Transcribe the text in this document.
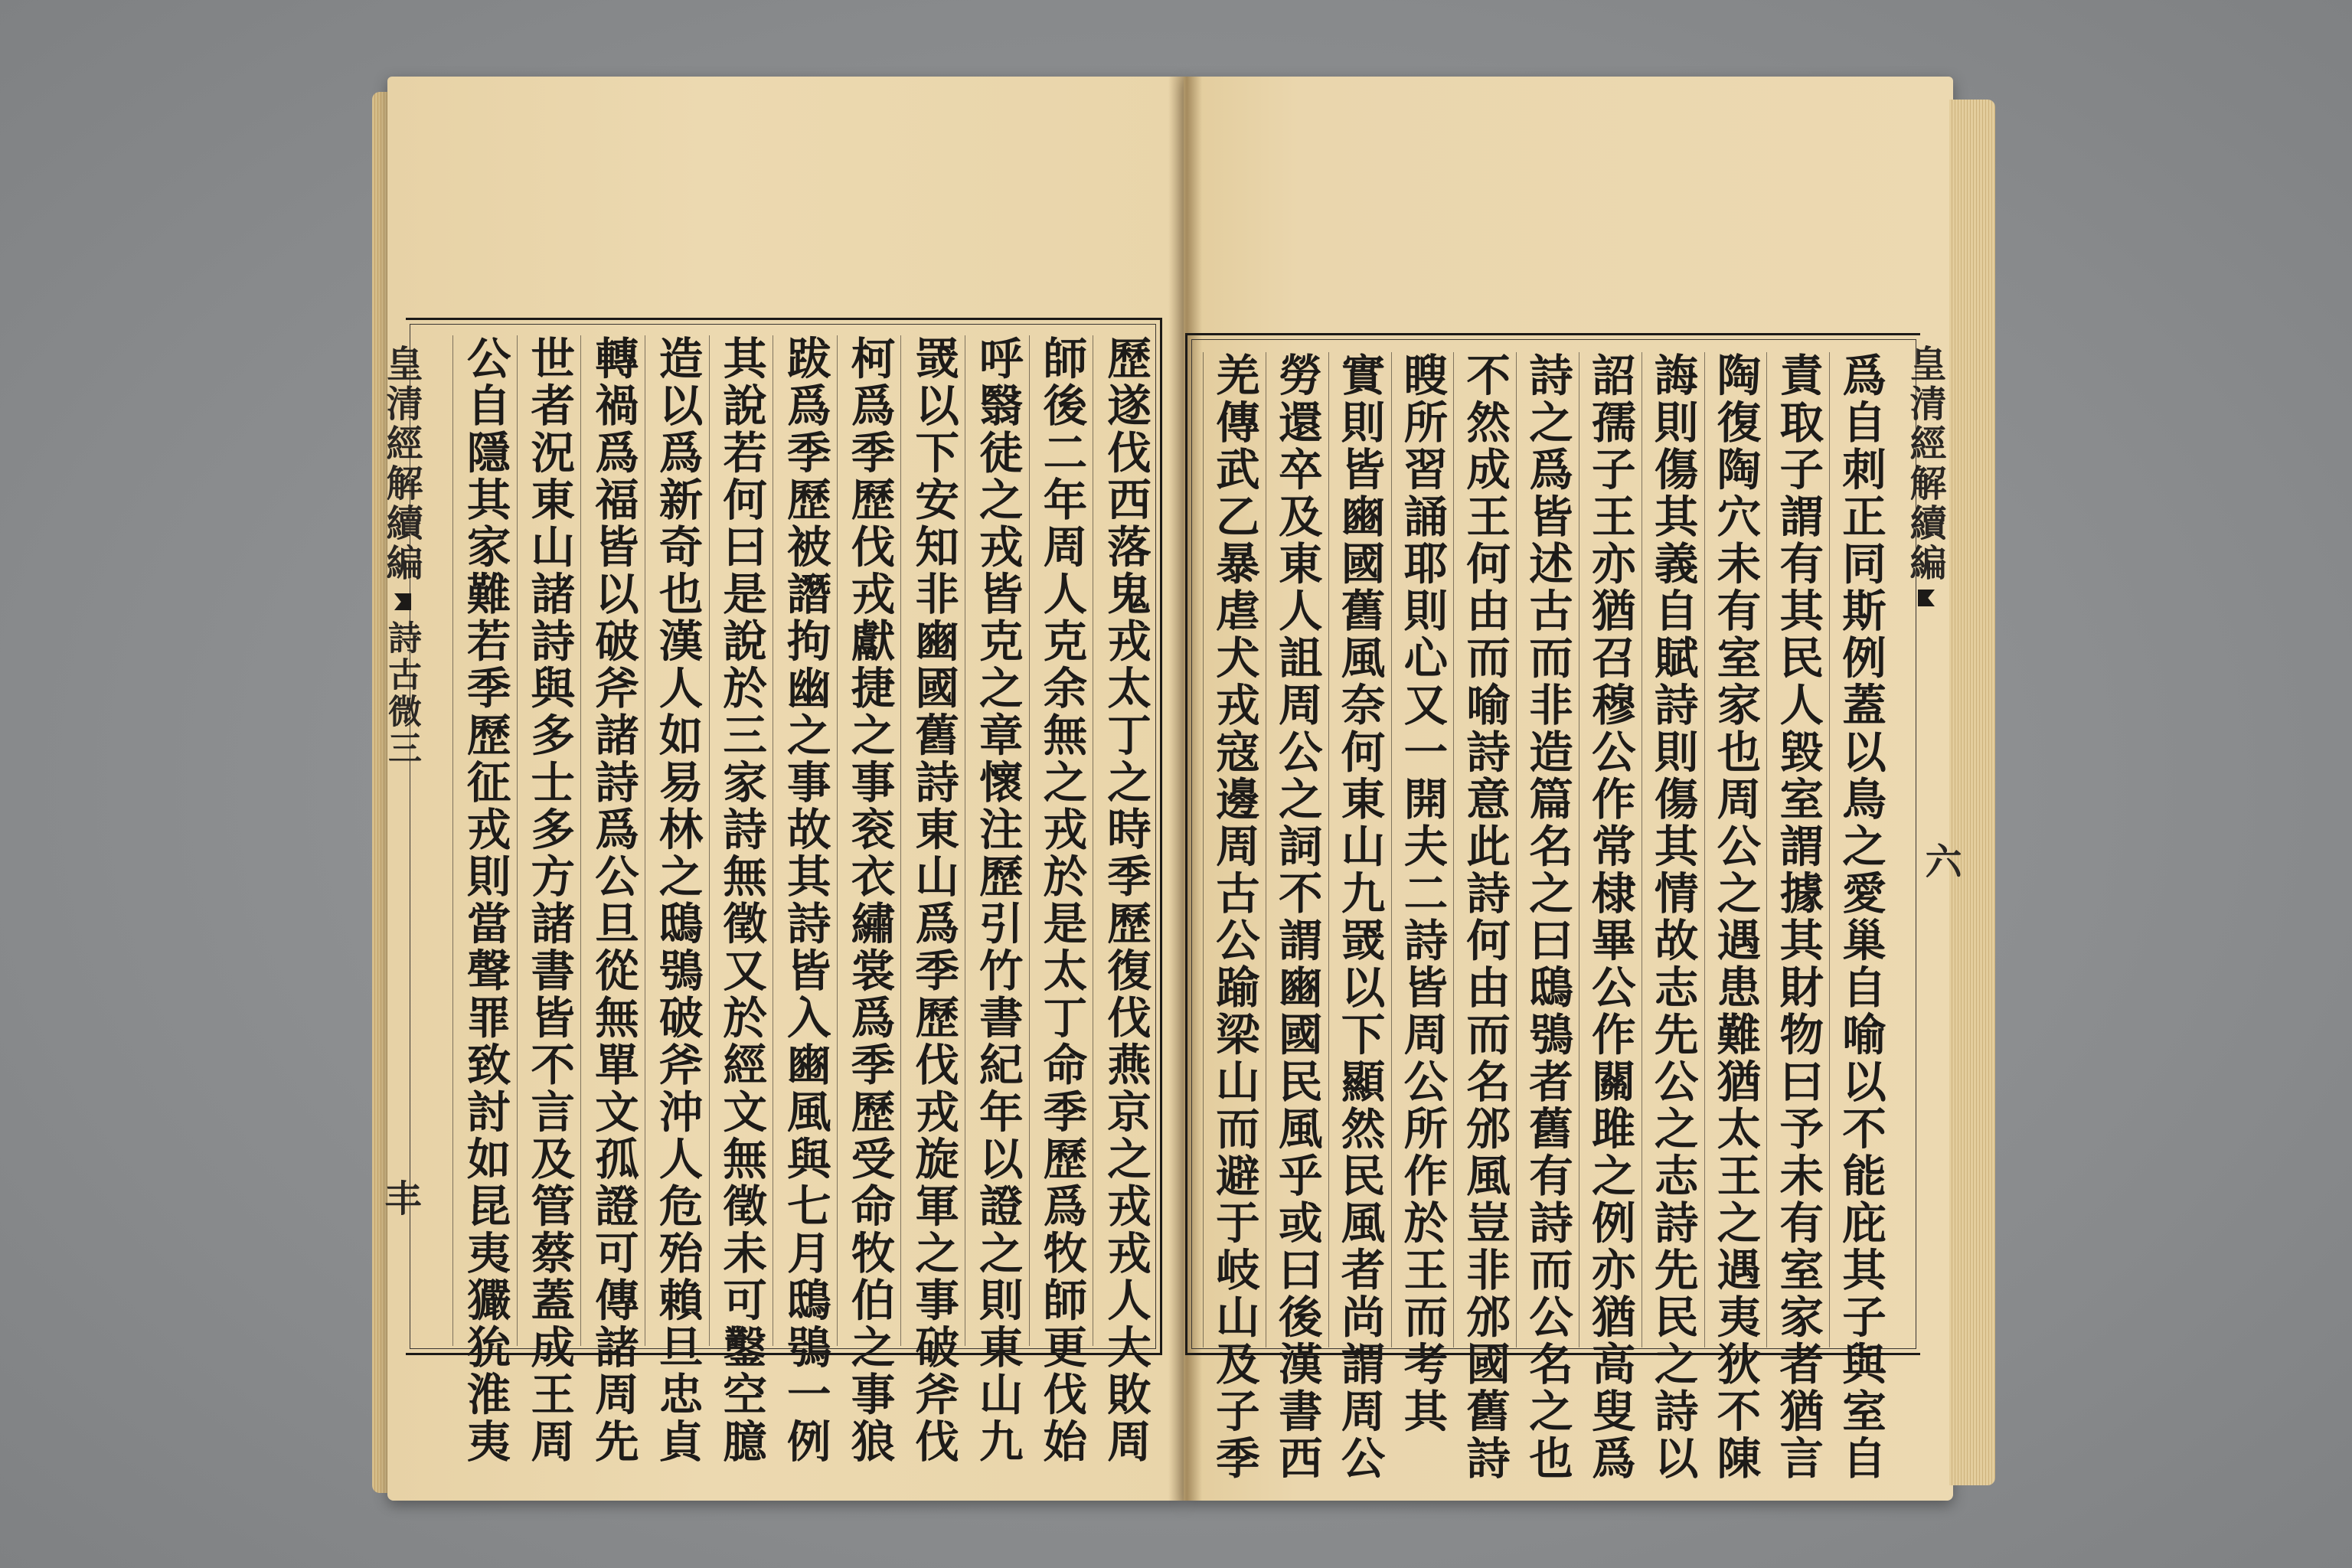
皇清經解續編
詩古微三
丰
皇清經解續編
六
歷遂伐西落鬼戎太丁之時季歷復伐燕京之戎戎人大敗周
師後二年周人克余無之戎於是太丁命季歷爲牧師更伐始
呼翳徒之戎皆克之章懷注歷引竹書紀年以證之則東山九
罭以下安知非豳國舊詩東山爲季歷伐戎旋軍之事破斧伐
柯爲季歷伐戎獻捷之事衮衣繡裳爲季歷受命牧伯之事狼
跋爲季歷被譖拘幽之事故其詩皆入豳風與七月鴟鴞一例
其說若何曰是說於三家詩無徵又於經文無徵未可鑿空臆
造以爲新奇也漢人如易林之鴟鴞破斧沖人危殆賴旦忠貞
轉禍爲福皆以破斧諸詩爲公旦從無單文孤證可傳諸周先
世者況東山諸詩與多士多方諸書皆不言及管蔡蓋成王周
公自隱其家難若季歷征戎則當聲罪致討如昆夷玁狁淮夷	爲自刺正同斯例蓋以鳥之愛巢自喻以不能庇其子與室自
責取子謂有其民人毀室謂據其財物曰予未有室家者猶言
陶復陶穴未有室家也周公之遇患難猶太王之遇夷狄不陳
誨則傷其義自賦詩則傷其情故志先公之志詩先民之詩以
詔孺子王亦猶召穆公作常棣畢公作關雎之例亦猶高叟爲
詩之爲皆述古而非造篇名之曰鴟鴞者舊有詩而公名之也
不然成王何由而喻詩意此詩何由而名邠風豈非邠國舊詩
瞍所習誦耶則心又一開夫二詩皆周公所作於王而考其
實則皆豳國舊風奈何東山九罭以下顯然民風者尚謂周公
勞還卒及東人詛周公之詞不謂豳國民風乎或曰後漢書西
羌傳武乙暴虐犬戎寇邊周古公踰梁山而避于岐山及子季
